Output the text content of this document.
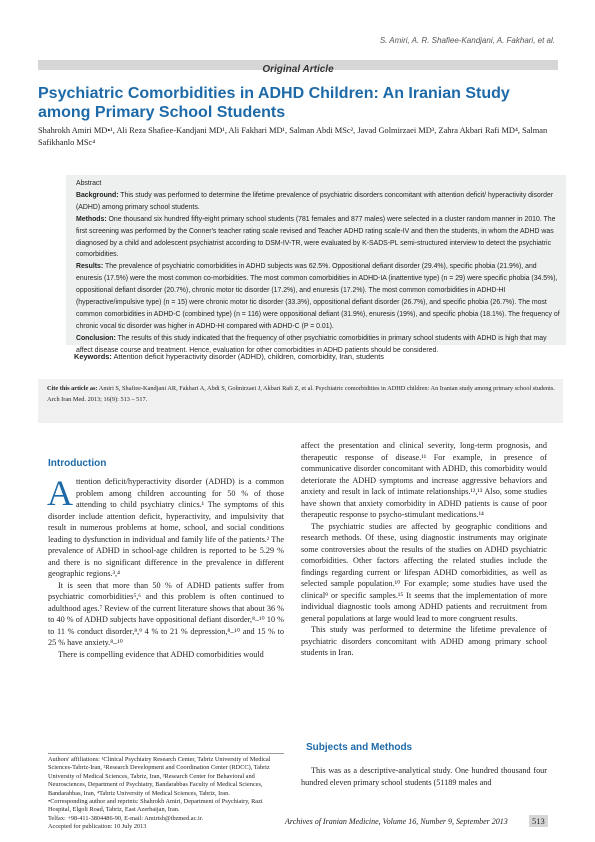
S. Amiri, A. R. Shafiee-Kandjani, A. Fakhari, et al.
Original Article
Psychiatric Comorbidities in ADHD Children: An Iranian Study among Primary School Students
Shahrokh Amiri MD•¹, Ali Reza Shafiee-Kandjani MD¹, Ali Fakhari MD¹, Salman Abdi MSc², Javad Golmirzaei MD³, Zahra Akbari Rafi MD⁴, Salman Safikhanlo MSc⁴
Abstract
Background: This study was performed to determine the lifetime prevalence of psychiatric disorders concomitant with attention deficit/ hyperactivity disorder (ADHD) among primary school students.
Methods: One thousand six hundred fifty-eight primary school students (781 females and 877 males) were selected in a cluster random manner in 2010. The first screening was performed by the Conner's teacher rating scale revised and Teacher ADHD rating scale-IV and then the students, in whom the ADHD was diagnosed by a child and adolescent psychiatrist according to DSM-IV-TR, were evaluated by K-SADS-PL semi-structured interview to detect the psychiatric comorbidities.
Results: The prevalence of psychiatric comorbidities in ADHD subjects was 62.5%. Oppositional defiant disorder (29.4%), specific phobia (21.9%), and enuresis (17.5%) were the most common co-morbidities. The most common comorbidities in ADHD-IA (inattentive type) (n = 29) were specific phobia (34.5%), oppositional defiant disorder (20.7%), chronic motor tic disorder (17.2%), and enuresis (17.2%). The most common comorbidities in ADHD-HI (hyperactive/impulsive type) (n = 15) were chronic motor tic disorder (33.3%), oppositional defiant disorder (26.7%), and specific phobia (26.7%). The most common comorbidities in ADHD-C (combined type) (n = 116) were oppositional defiant (31.9%), enuresis (19%), and specific phobia (18.1%). The frequency of chronic vocal tic disorder was higher in ADHD-HI compared with ADHD-C (P = 0.01).
Conclusion: The results of this study indicated that the frequency of other psychiatric comorbidities in primary school students with ADHD is high that may affect disease course and treatment. Hence, evaluation for other comorbidities in ADHD patients should be considered.
Keywords: Attention deficit hyperactivity disorder (ADHD), children, comorbidity, Iran, students
Cite this article as: Amiri S, Shafiee-Kandjani AR, Fakhari A, Abdi S, Golmirzaei J, Akbari Rafi Z, et al. Psychiatric comorbidities in ADHD children: An Iranian study among primary school students. Arch Iran Med. 2013; 16(9): 513 – 517.
Introduction

Attention deficit/hyperactivity disorder (ADHD) is a common problem among children accounting for 50 % of those attending to child psychiatry clinics.¹ The symptoms of this disorder include attention deficit, hyperactivity, and impulsivity that result in numerous problems at home, school, and social conditions leading to dysfunction in individual and family life of the patients.² The prevalence of ADHD in school-age children is reported to be 5.29 % and there is no significant difference in the prevalence in different geographic regions.³,⁴

It is seen that more than 50 % of ADHD patients suffer from psychiatric comorbidities⁵,⁶ and this problem is often continued to adulthood ages.⁷ Review of the current literature shows that about 36 % to 40 % of ADHD subjects have oppositional defiant disorder,⁸–¹⁰ 10 % to 11 % conduct disorder,⁸,⁹ 4 % to 21 % depression,⁸–¹⁰ and 15 % to 25 % have anxiety.⁸–¹⁰

There is compelling evidence that ADHD comorbidities would

Authors' affiliations: ¹Clinical Psychiatry Research Center, Tabriz University of Medical Sciences-Tabriz-Iran, ²Research Development and Coordination Center (RDCC), Tabriz University of Medical Sciences, Tabriz, Iran, ³Research Center for Behavioral and Neurosciences, Department of Psychiatry, Bandarabbas Faculty of Medical Sciences, Bandarabbas, Iran, ⁴Tabriz University of Medical Sciences, Tabriz, Iran.
•Corresponding author and reprints: Shahrokh Amiri, Department of Psychiatry, Razi Hospital, Elgoli Road, Tabriz, East Azerbaijan, Iran.
Telfax: +98-411-3804486-90, E-mail: Amirish@tbzmed.ac.ir.
Accepted for publication: 10 July 2013

affect the presentation and clinical severity, long-term prognosis, and therapeutic response of disease.¹¹ For example, in presence of communicative disorder concomitant with ADHD, this comorbidity would deteriorate the ADHD symptoms and increase aggressive behaviors and anxiety and result in lack of intimate relationships.¹²,¹³ Also, some studies have shown that anxiety comorbidity in ADHD patients is cause of poor therapeutic response to psycho-stimulant medications.¹⁴

The psychiatric studies are affected by geographic conditions and research methods. Of these, using diagnostic instruments may originate some controversies about the results of the studies on ADHD psychiatric comorbidities. Other factors affecting the related studies include the findings regarding current or lifespan ADHD comorbidities, as well as selected sample population.¹⁰ For example; some studies have used the clinical⁹ or specific samples.¹⁵ It seems that the implementation of more individual diagnostic tools among ADHD patients and recruitment from general populations at large would lead to more congruent results.

This study was performed to determine the lifetime prevalence of psychiatric disorders concomitant with ADHD among primary school students in Iran.

Subjects and Methods

This was as a descriptive-analytical study. One hundred thousand four hundred eleven primary school students (51189 males and

Archives of Iranian Medicine, Volume 16, Number 9, September 2013	513
